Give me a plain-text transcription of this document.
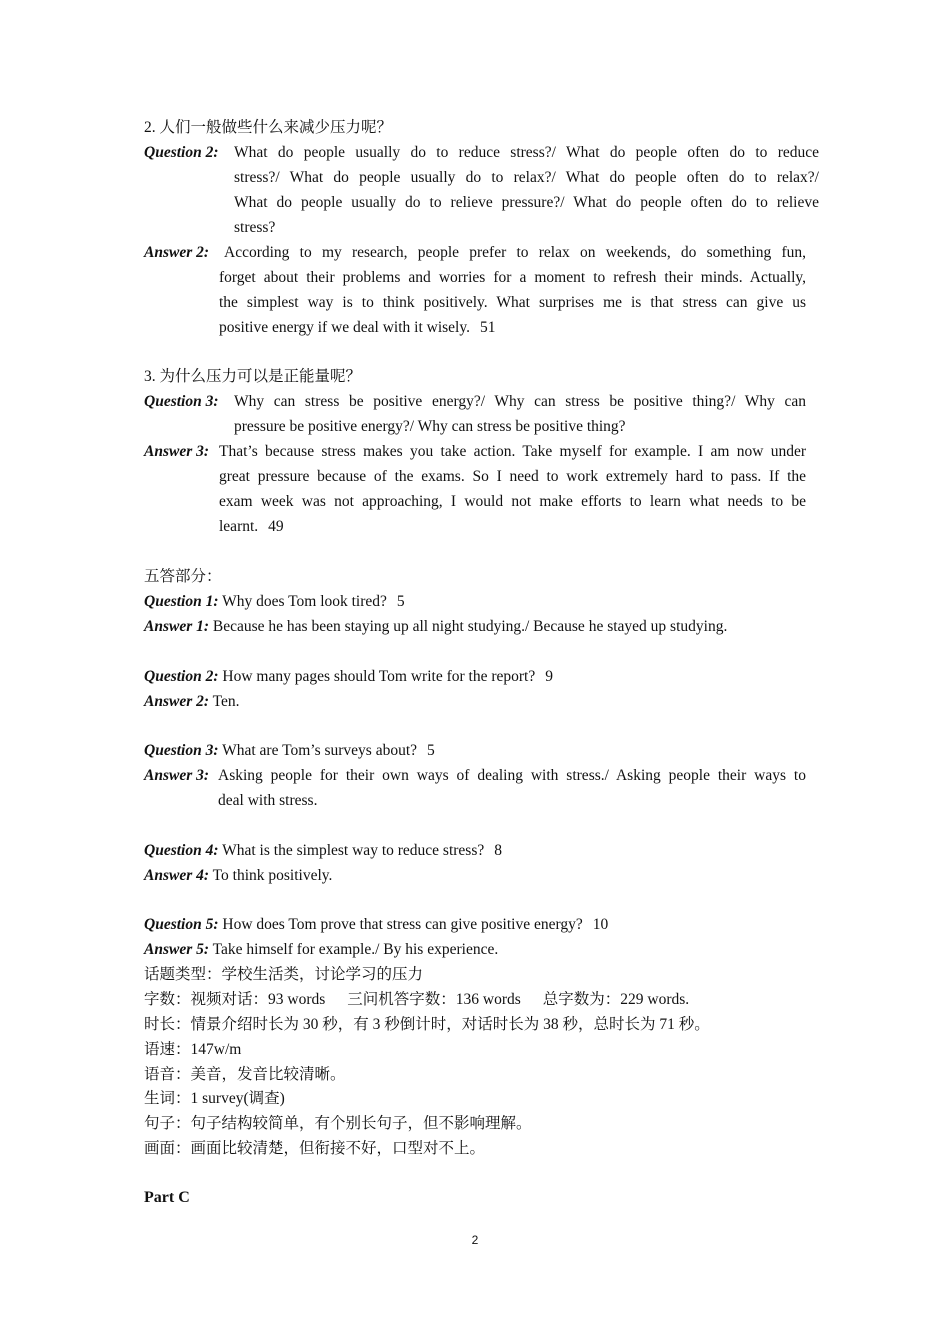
2. 人们一般做些什么来减少压力呢？
Question 2: What do people usually do to reduce stress?/ What do people often do to reduce
stress?/ What do people usually do to relax?/ What do people often do to relax?/
What do people usually do to relieve pressure?/ What do people often do to relieve
stress?
Answer 2: According to my research, people prefer to relax on weekends, do something fun,
forget about their problems and worries for a moment to refresh their minds. Actually,
the simplest way is to think positively. What surprises me is that stress can give us
positive energy if we deal with it wisely. 51
3. 为什么压力可以是正能量呢？
Question 3: Why can stress be positive energy?/ Why can stress be positive thing?/ Why can
pressure be positive energy?/ Why can stress be positive thing?
Answer 3: That’s because stress makes you take action. Take myself for example. I am now under
great pressure because of the exams. So I need to work extremely hard to pass. If the
exam week was not approaching, I would not make efforts to learn what needs to be
learnt. 49
五答部分：
Question 1: Why does Tom look tired? 5
Answer 1: Because he has been staying up all night studying./ Because he stayed up studying.
Question 2: How many pages should Tom write for the report? 9
Answer 2: Ten.
Question 3: What are Tom’s surveys about? 5
Answer 3: Asking people for their own ways of dealing with stress./ Asking people their ways to
deal with stress.
Question 4: What is the simplest way to reduce stress? 8
Answer 4: To think positively.
Question 5: How does Tom prove that stress can give positive energy? 10
Answer 5: Take himself for example./ By his experience.
话题类型：学校生活类，讨论学习的压力
字数：视频对话：93 words 三问机答字数：136 words 总字数为：229 words.
时长：情景介绍时长为 30 秒，有 3 秒倒计时，对话时长为 38 秒，总时长为 71 秒。
语速：147w/m
语音：美音，发音比较清晰。
生词：1 survey(调查)
句子：句子结构较简单，有个别长句子，但不影响理解。
画面：画面比较清楚，但衔接不好，口型对不上。
Part C
2
